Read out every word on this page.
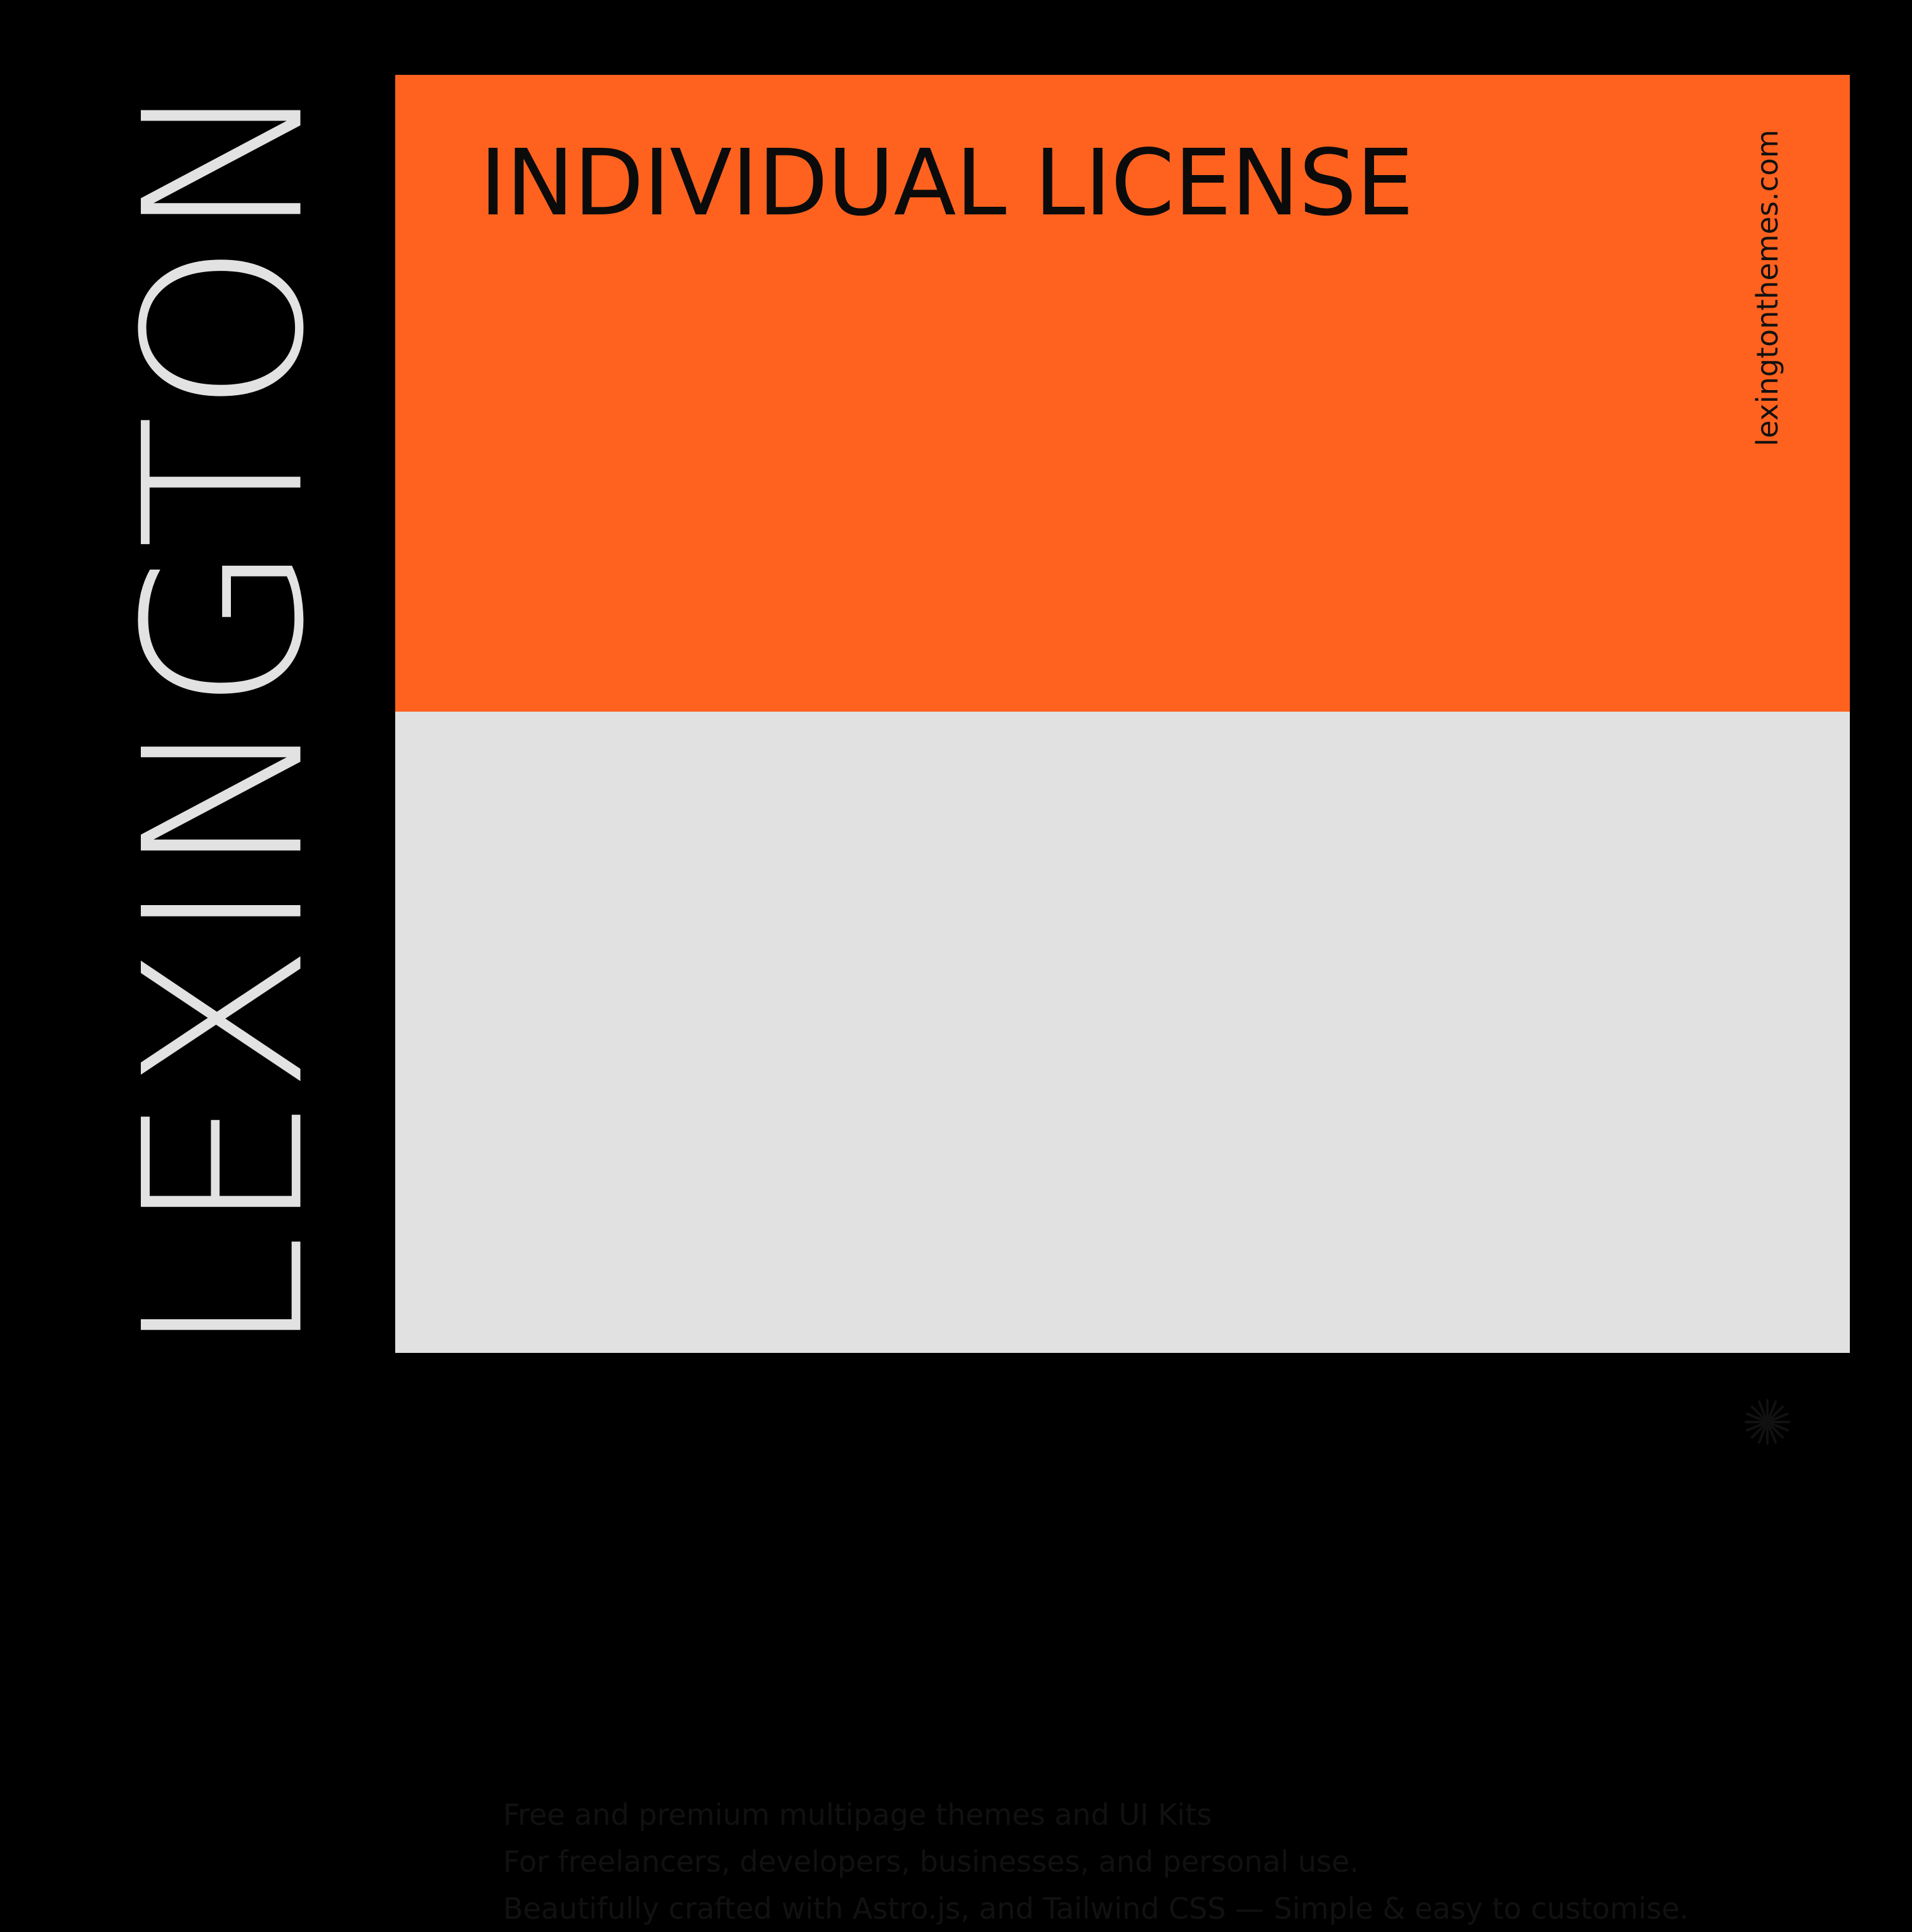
LEXINGTON INDIVIDUAL LICENSE	lexingtonthemes.com
Free and premium multipage themes and UI Kits
For freelancers, developers, businesses, and personal use.
Beautifully crafted with Astro.js, and Tailwind CSS — Simple & easy to customise.
